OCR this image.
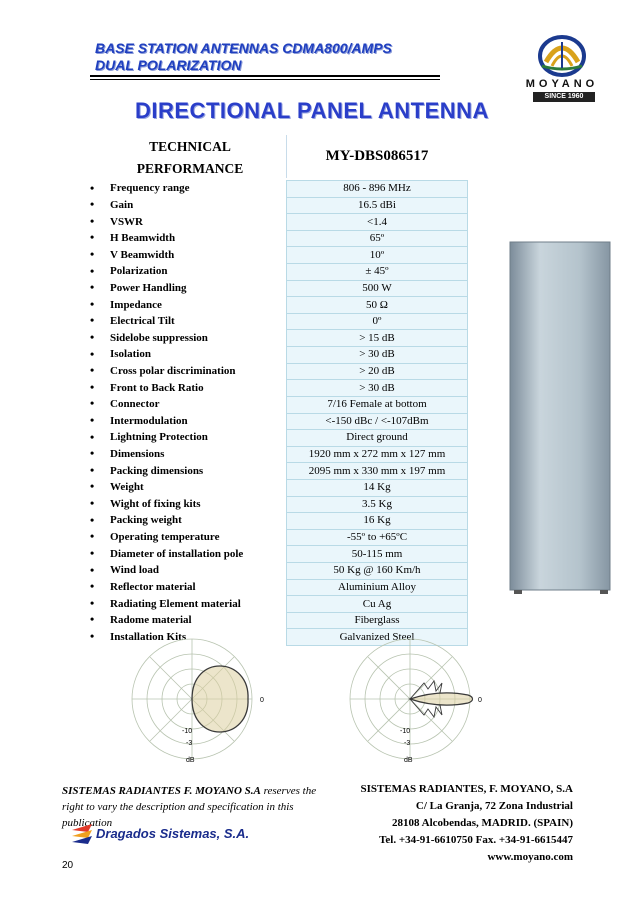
BASE STATION ANTENNAS CDMA800/AMPS
DUAL POLARIZATION
MOYANO
SINCE 1960
DIRECTIONAL PANEL ANTENNA
TECHNICAL
PERFORMANCE
MY-DBS086517
• Frequency range	806 - 896 MHz
• Gain	16.5 dBi
• VSWR	<1.4
• H Beamwidth	65º
• V Beamwidth	10º
• Polarization	± 45º
• Power Handling	500 W
• Impedance	50 Ω
• Electrical Tilt	0º
• Sidelobe suppression	> 15 dB
• Isolation	> 30 dB
• Cross polar discrimination	> 20 dB
• Front to Back Ratio	> 30 dB
• Connector	7/16 Female at bottom
• Intermodulation	<-150 dBc / <-107dBm
• Lightning Protection	Direct ground
• Dimensions	1920 mm x 272 mm x 127 mm
• Packing dimensions	2095 mm x 330 mm x 197 mm
• Weight	14 Kg
• Wight of fixing kits	3.5 Kg
• Packing weight	16 Kg
• Operating temperature	-55º to +65ºC
• Diameter of installation pole	50-115 mm
• Wind load	50 Kg @ 160 Km/h
• Reflector material	Aluminium Alloy
• Radiating Element material	Cu Ag
• Radome material	Fiberglass
• Installation Kits	Galvanized Steel
0
-10
-3
dB
0
-10
-3
dB
SISTEMAS RADIANTES F. MOYANO S.A reserves the right to vary the description and specification in this publication
SISTEMAS RADIANTES, F. MOYANO, S.A
C/ La Granja, 72 Zona Industrial
28108 Alcobendas, MADRID. (SPAIN)
Tel. +34-91-6610750 Fax. +34-91-6615447
www.moyano.com
Dragados Sistemas, S.A.
20
